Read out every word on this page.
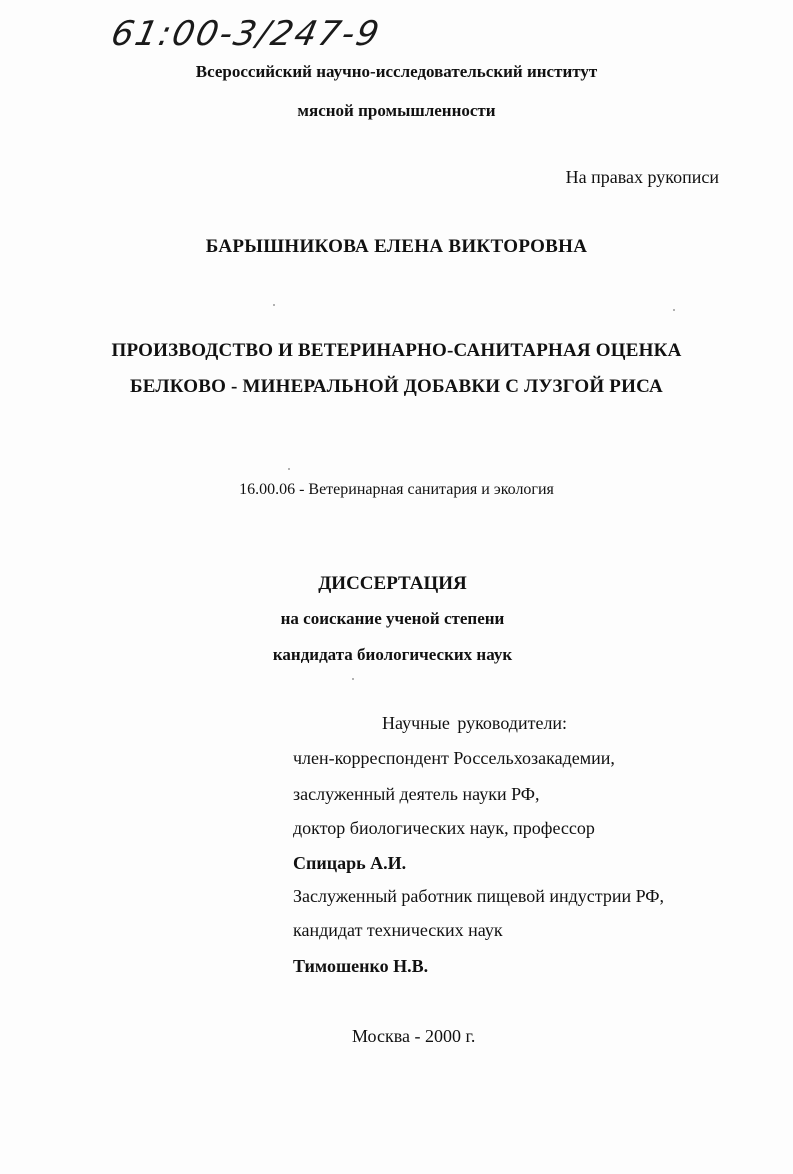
61:00-3/247-9
Всероссийский научно-исследовательский институт
мясной промышленности
На правах рукописи
БАРЫШНИКОВА ЕЛЕНА ВИКТОРОВНА
ПРОИЗВОДСТВО И ВЕТЕРИНАРНО-САНИТАРНАЯ ОЦЕНКА
БЕЛКОВО - МИНЕРАЛЬНОЙ ДОБАВКИ С ЛУЗГОЙ РИСА
16.00.06 - Ветеринарная санитария и экология
ДИССЕРТАЦИЯ
на соискание ученой степени
кандидата биологических наук
Научные руководители:
член-корреспондент Россельхозакадемии,
заслуженный деятель науки РФ,
доктор биологических наук, профессор
Спицарь А.И.
Заслуженный работник пищевой индустрии РФ,
кандидат технических наук
Тимошенко Н.В.
Москва - 2000 г.
